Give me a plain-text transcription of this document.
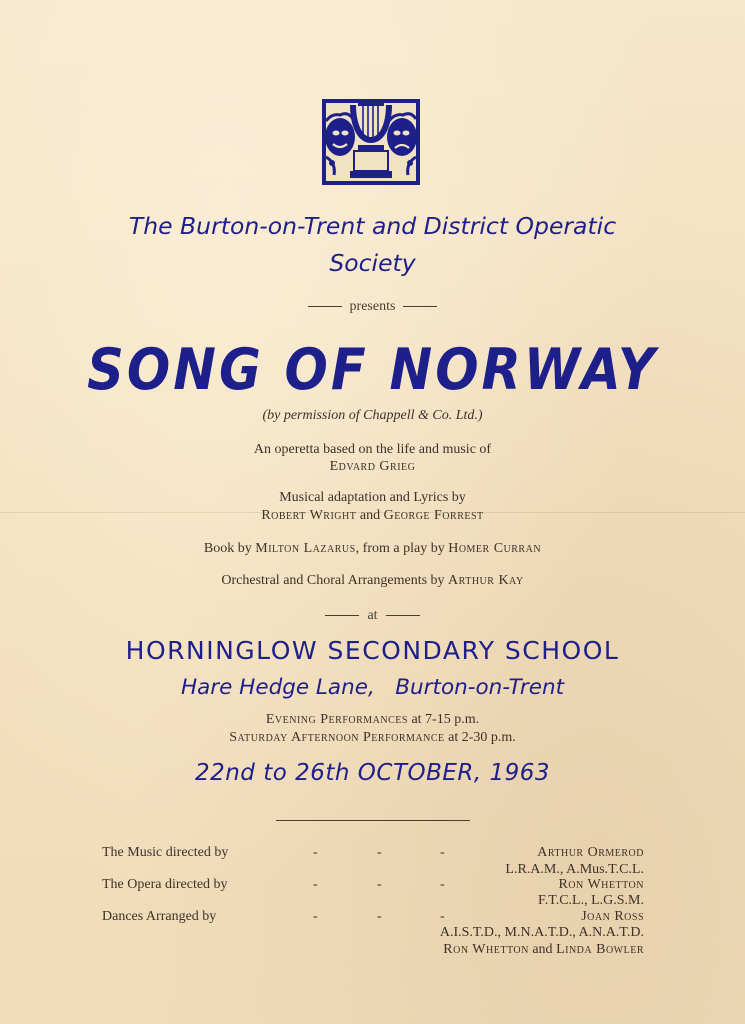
The Burton-on-Trent and District Operatic
Society
presents
SONG OF NORWAY
(by permission of Chappell & Co. Ltd.)
An operetta based on the life and music of
Edvard Grieg
Musical adaptation and Lyrics by
Robert Wright and George Forrest
Book by Milton Lazarus, from a play by Homer Curran
Orchestral and Choral Arrangements by Arthur Kay
at
HORNINGLOW SECONDARY SCHOOL
Hare Hedge Lane, Burton-on-Trent
Evening Performances at 7-15 p.m.
Saturday Afternoon Performance at 2-30 p.m.
22nd to 26th OCTOBER, 1963
The Music directed by	-	-	-	Arthur Ormerod
L.R.A.M., A.Mus.T.C.L.
The Opera directed by	-	-	-	Ron Whetton
F.T.C.L., L.G.S.M.
Dances Arranged by	-	-	-	Joan Ross
A.I.S.T.D., M.N.A.T.D., A.N.A.T.D.
Ron Whetton and Linda Bowler
